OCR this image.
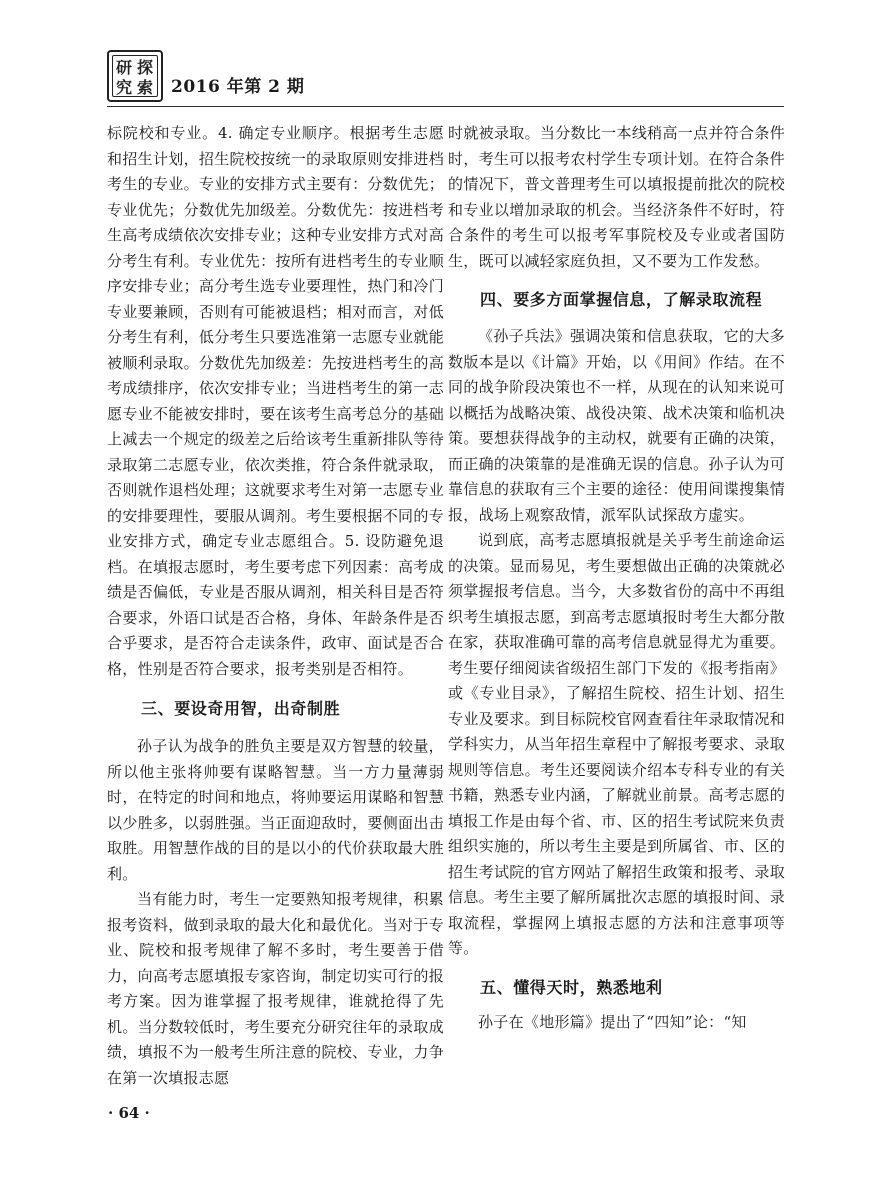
研
究
探
索 2016 年第 2 期

标院校和专业。4. 确定专业顺序。根据考生志愿和招生计划，招生院校按统一的录取原则安排进档考生的专业。专业的安排方式主要有：分数优先；专业优先；分数优先加级差。分数优先：按进档考生高考成绩依次安排专业；这种专业安排方式对高分考生有利。专业优先：按所有进档考生的专业顺序安排专业；高分考生选专业要理性，热门和冷门专业要兼顾，否则有可能被退档；相对而言，对低分考生有利，低分考生只要选准第一志愿专业就能被顺利录取。分数优先加级差：先按进档考生的高考成绩排序，依次安排专业；当进档考生的第一志愿专业不能被安排时，要在该考生高考总分的基础上减去一个规定的级差之后给该考生重新排队等待录取第二志愿专业，依次类推，符合条件就录取，否则就作退档处理；这就要求考生对第一志愿专业的安排要理性，要服从调剂。考生要根据不同的专业安排方式，确定专业志愿组合。5. 设防避免退档。在填报志愿时，考生要考虑下列因素：高考成绩是否偏低，专业是否服从调剂，相关科目是否符合要求，外语口试是否合格，身体、年龄条件是否合乎要求，是否符合走读条件，政审、面试是否合格，性别是否符合要求，报考类别是否相符。

三、要设奇用智，出奇制胜

孙子认为战争的胜负主要是双方智慧的较量，所以他主张将帅要有谋略智慧。当一方力量薄弱时，在特定的时间和地点，将帅要运用谋略和智慧以少胜多，以弱胜强。当正面迎敌时，要侧面出击取胜。用智慧作战的目的是以小的代价获取最大胜利。

当有能力时，考生一定要熟知报考规律，积累报考资料，做到录取的最大化和最优化。当对于专业、院校和报考规律了解不多时，考生要善于借力，向高考志愿填报专家咨询，制定切实可行的报考方案。因为谁掌握了报考规律，谁就抢得了先机。当分数较低时，考生要充分研究往年的录取成绩，填报不为一般考生所注意的院校、专业，力争在第一次填报志愿

时就被录取。当分数比一本线稍高一点并符合条件时，考生可以报考农村学生专项计划。在符合条件的情况下，普文普理考生可以填报提前批次的院校和专业以增加录取的机会。当经济条件不好时，符合条件的考生可以报考军事院校及专业或者国防生，既可以减轻家庭负担，又不要为工作发愁。

四、要多方面掌握信息，了解录取流程

《孙子兵法》强调决策和信息获取，它的大多数版本是以《计篇》开始，以《用间》作结。在不同的战争阶段决策也不一样，从现在的认知来说可以概括为战略决策、战役决策、战术决策和临机决策。要想获得战争的主动权，就要有正确的决策，而正确的决策靠的是准确无误的信息。孙子认为可靠信息的获取有三个主要的途径：使用间谍搜集情报，战场上观察敌情，派军队试探敌方虚实。

说到底，高考志愿填报就是关乎考生前途命运的决策。显而易见，考生要想做出正确的决策就必须掌握报考信息。当今，大多数省份的高中不再组织考生填报志愿，到高考志愿填报时考生大都分散在家，获取准确可靠的高考信息就显得尤为重要。考生要仔细阅读省级招生部门下发的《报考指南》或《专业目录》，了解招生院校、招生计划、招生专业及要求。到目标院校官网查看往年录取情况和学科实力，从当年招生章程中了解报考要求、录取规则等信息。考生还要阅读介绍本专科专业的有关书籍，熟悉专业内涵，了解就业前景。高考志愿的填报工作是由每个省、市、区的招生考试院来负责组织实施的，所以考生主要是到所属省、市、区的招生考试院的官方网站了解招生政策和报考、录取信息。考生主要了解所属批次志愿的填报时间、录取流程，掌握网上填报志愿的方法和注意事项等等。

五、懂得天时，熟悉地利

孙子在《地形篇》提出了“四知”论：“知

· 64 ·
